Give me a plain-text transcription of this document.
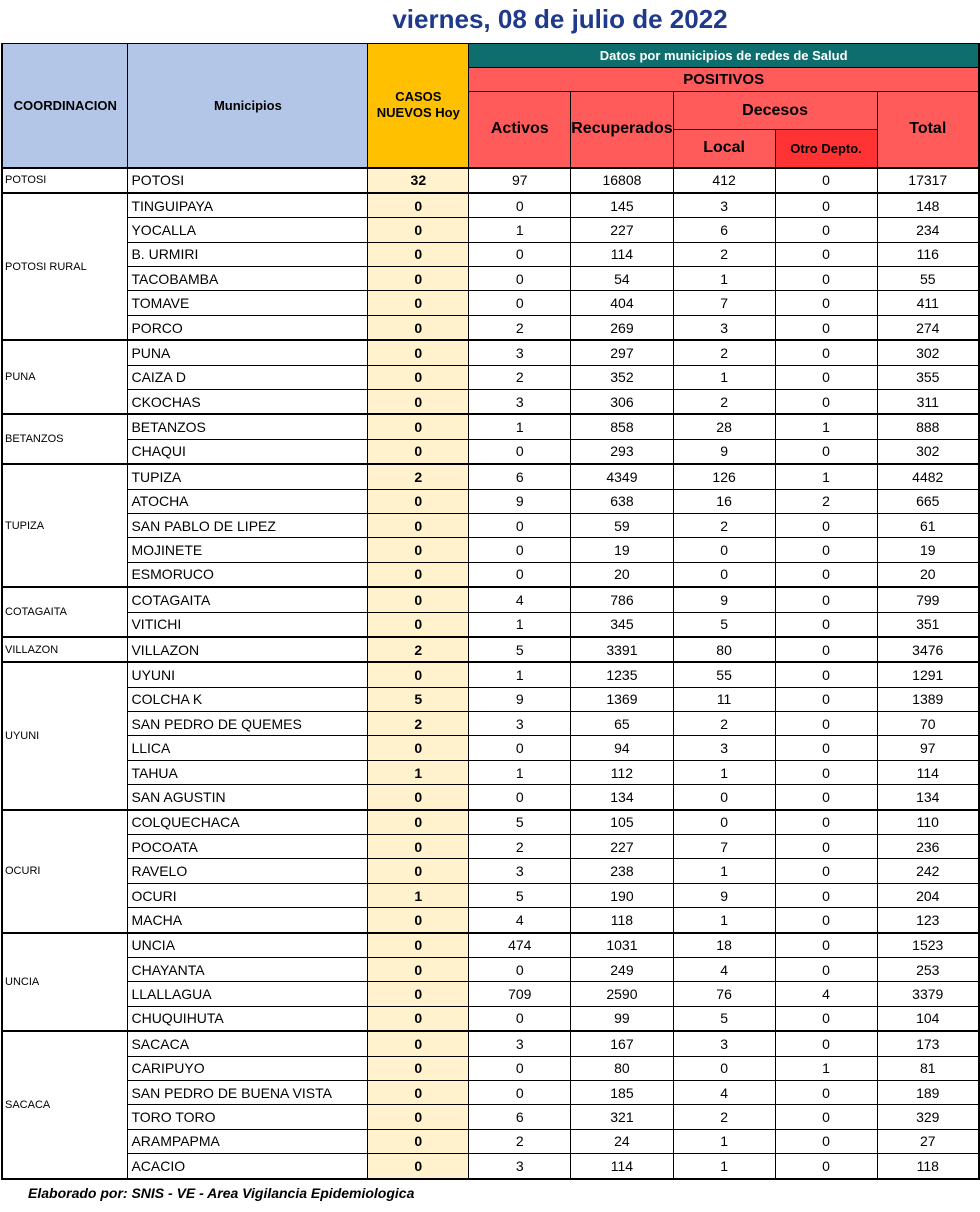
viernes, 08 de julio de 2022
COORDINACION	Municipios	CASOS NUEVOS Hoy	Datos por municipios de redes de Salud				
			POSITIVOS				
			Activos	Recuperados	Decesos		Total
					Local	Otro Depto.	
POTOSI	POTOSI	32	97	16808	412	0	17317
POTOSI RURAL	TINGUIPAYA	0	0	145	3	0	148
	YOCALLA	0	1	227	6	0	234
	B. URMIRI	0	0	114	2	0	116
	TACOBAMBA	0	0	54	1	0	55
	TOMAVE	0	0	404	7	0	411
	PORCO	0	2	269	3	0	274
PUNA	PUNA	0	3	297	2	0	302
	CAIZA D	0	2	352	1	0	355
	CKOCHAS	0	3	306	2	0	311
BETANZOS	BETANZOS	0	1	858	28	1	888
	CHAQUI	0	0	293	9	0	302
TUPIZA	TUPIZA	2	6	4349	126	1	4482
	ATOCHA	0	9	638	16	2	665
	SAN PABLO DE LIPEZ	0	0	59	2	0	61
	MOJINETE	0	0	19	0	0	19
	ESMORUCO	0	0	20	0	0	20
COTAGAITA	COTAGAITA	0	4	786	9	0	799
	VITICHI	0	1	345	5	0	351
VILLAZON	VILLAZON	2	5	3391	80	0	3476
UYUNI	UYUNI	0	1	1235	55	0	1291
	COLCHA K	5	9	1369	11	0	1389
	SAN PEDRO DE QUEMES	2	3	65	2	0	70
	LLICA	0	0	94	3	0	97
	TAHUA	1	1	112	1	0	114
	SAN AGUSTIN	0	0	134	0	0	134
OCURI	COLQUECHACA	0	5	105	0	0	110
	POCOATA	0	2	227	7	0	236
	RAVELO	0	3	238	1	0	242
	OCURI	1	5	190	9	0	204
	MACHA	0	4	118	1	0	123
UNCIA	UNCIA	0	474	1031	18	0	1523
	CHAYANTA	0	0	249	4	0	253
	LLALLAGUA	0	709	2590	76	4	3379
	CHUQUIHUTA	0	0	99	5	0	104
SACACA	SACACA	0	3	167	3	0	173
	CARIPUYO	0	0	80	0	1	81
	SAN PEDRO DE BUENA VISTA	0	0	185	4	0	189
	TORO TORO	0	6	321	2	0	329
	ARAMPAPMA	0	2	24	1	0	27
	ACACIO	0	3	114	1	0	118
Elaborado por: SNIS - VE - Area Vigilancia Epidemiologica
